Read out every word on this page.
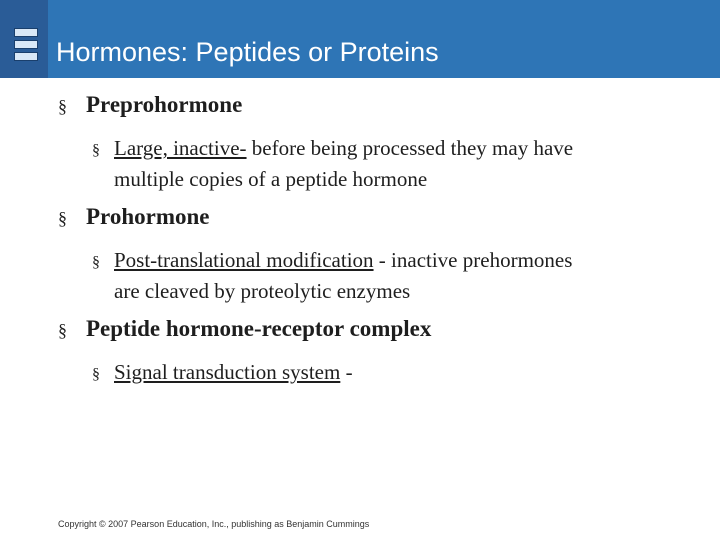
Hormones: Peptides or Proteins
§ Preprohormone
§ Large, inactive- before being processed they may have
multiple copies of a peptide hormone
§ Prohormone
§ Post-translational modification - inactive prehormones
are cleaved by proteolytic enzymes
§ Peptide hormone-receptor complex
§ Signal transduction system -
Copyright © 2007 Pearson Education, Inc., publishing as Benjamin Cummings
